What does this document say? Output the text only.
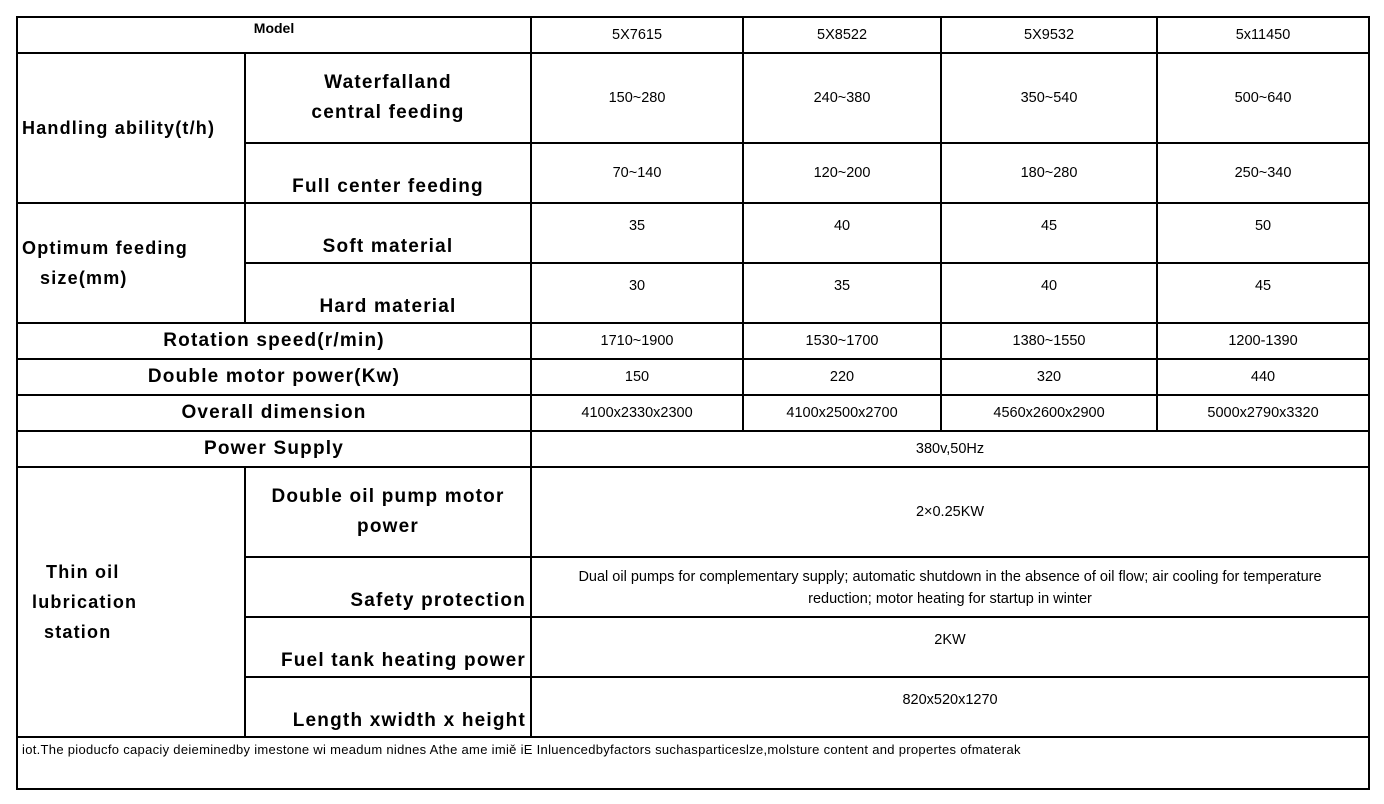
Model		5X7615	5X8522	5X9532	5x11450
Handling ability(t/h)	Waterfalland central feeding	150~280	240~380	350~540	500~640
	Full center feeding	70~140	120~200	180~280	250~340

Optimum feeding
size(mm)	Soft material	35	40	45	50
	Hard material	30	35	40	45
Rotation speed(r/min)		1710~1900	1530~1700	1380~1550	1200-1390
Double motor power(Kw)		150	220	320	440
Overall dimension		4100x2330x2300	4100x2500x2700	4560x2600x2900	5000x2790x3320
Power Supply		380v,50Hz			

Thin oil
lubrication
station	Double oil pump motor power	2×0.25KW			
	Safety protection	Dual oil pumps for complementary supply; automatic shutdown in the absence of oil flow; air cooling for temperature
reduction; motor heating for startup in winter			

	Fuel tank heating power	2KW			
	Length xwidth x height	820x520x1270			
iot.The pioducfo capaciy deieminedby imestone wi meadum nidnes Athe ame imiě iE Inluencedbyfactors suchasparticeslze,molsture content and propertes ofmaterak					
